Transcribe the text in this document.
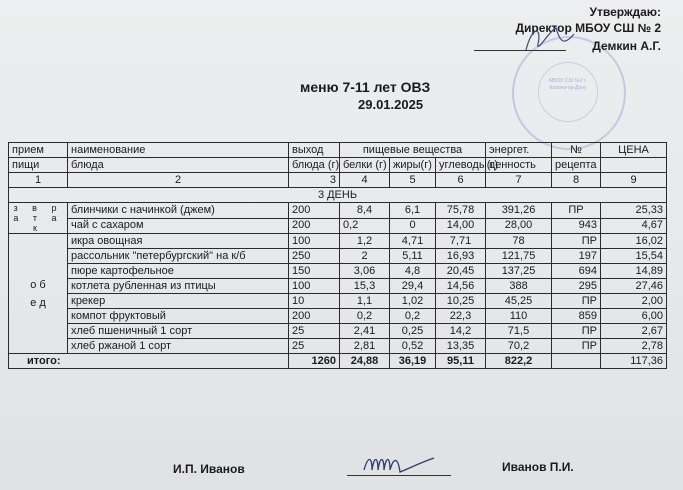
МБОУ СШ №2 г. Калача-на-Дону
Утверждаю:
Директор МБОУ СШ № 2
Демкин А.Г.
меню 7-11 лет ОВЗ
29.01.2025
прием	наименование	выход	пищевые вещества			энергет.	№	ЦЕНА
пищи	блюда	блюда (г)	белки (г)	жиры(г)	углеводы(г)	ценность	рецепта	
1	2	3	4	5	6	7	8	9
3 ДЕНЬ								
з в р а т а к	блинчики с начинкой (джем)	200	8,4	6,1	75,78	391,26	ПР	25,33
	чай с сахаром	200	0,2	0	14,00	28,00	943	4,67
о б е д	икра овощная	100	1,2	4,71	7,71	78	ПР	16,02
	рассольник "петербургский" на к/б	250	2	5,11	16,93	121,75	197	15,54
	пюре картофельное	150	3,06	4,8	20,45	137,25	694	14,89
	котлета рубленная из птицы	100	15,3	29,4	14,56	388	295	27,46
	крекер	10	1,1	1,02	10,25	45,25	ПР	2,00
	компот фруктовый	200	0,2	0,2	22,3	110	859	6,00
	хлеб пшеничный 1 сорт	25	2,41	0,25	14,2	71,5	ПР	2,67
	хлеб ржаной 1 сорт	25	2,81	0,52	13,35	70,2	ПР	2,78
итого:		1260	24,88	36,19	95,11	822,2		117,36
И.П. Иванов	Иванов П.И.
